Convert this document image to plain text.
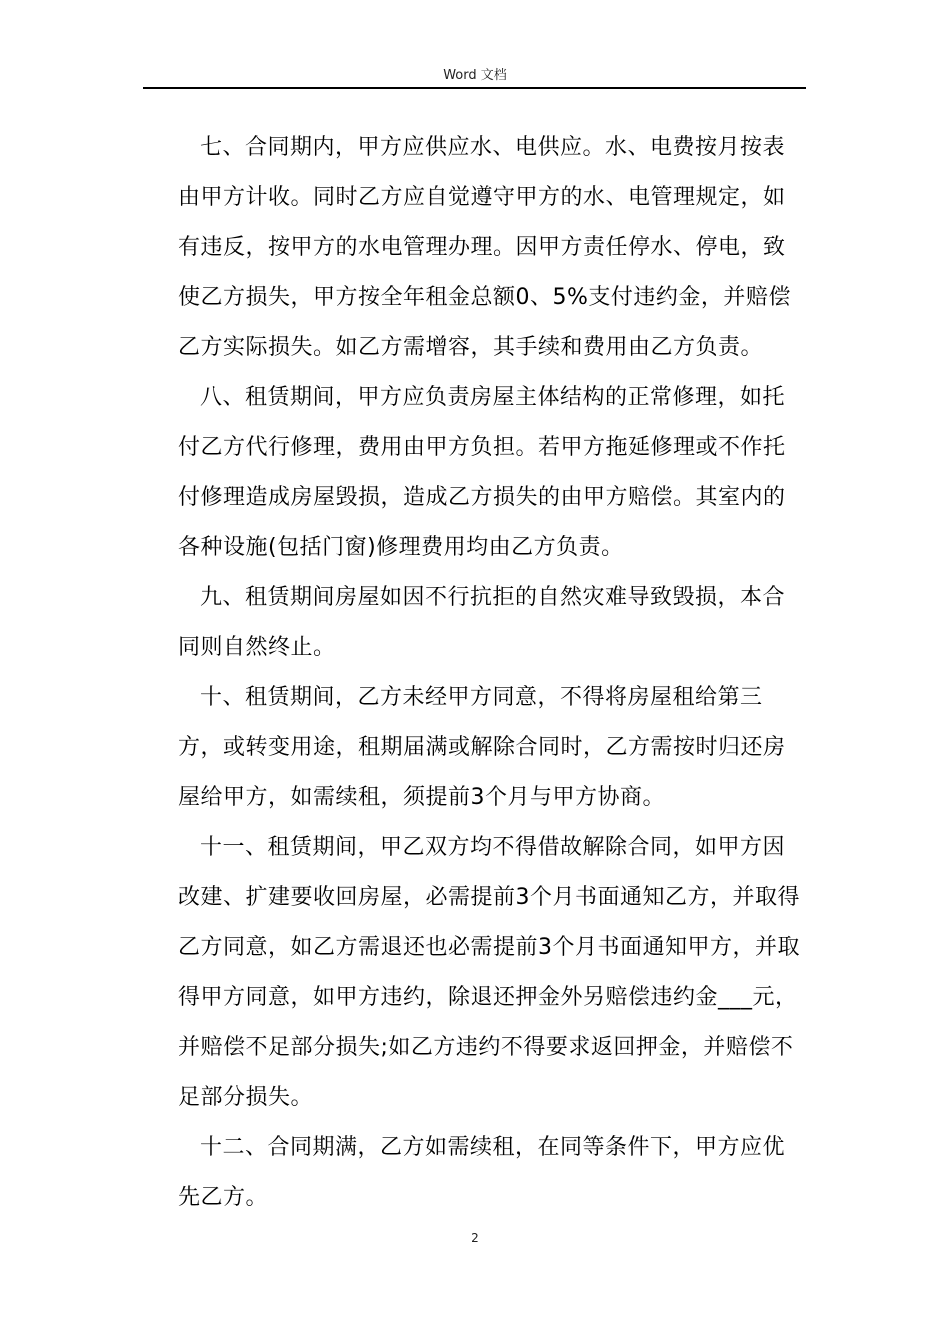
Word 文档

七、合同期内，甲方应供应水、电供应。水、电费按月按表由甲方计收。同时乙方应自觉遵守甲方的水、电管理规定，如有违反，按甲方的水电管理办理。因甲方责任停水、停电，致使乙方损失，甲方按全年租金总额0、5%支付违约金，并赔偿乙方实际损失。如乙方需增容，其手续和费用由乙方负责。

八、租赁期间，甲方应负责房屋主体结构的正常修理，如托付乙方代行修理，费用由甲方负担。若甲方拖延修理或不作托付修理造成房屋毁损，造成乙方损失的由甲方赔偿。其室内的各种设施(包括门窗)修理费用均由乙方负责。

九、租赁期间房屋如因不行抗拒的自然灾难导致毁损，本合同则自然终止。

十、租赁期间，乙方未经甲方同意，不得将房屋租给第三方，或转变用途，租期届满或解除合同时，乙方需按时归还房屋给甲方，如需续租，须提前3个月与甲方协商。

十一、租赁期间，甲乙双方均不得借故解除合同，如甲方因改建、扩建要收回房屋，必需提前3个月书面通知乙方，并取得乙方同意，如乙方需退还也必需提前3个月书面通知甲方，并取得甲方同意，如甲方违约，除退还押金外另赔偿违约金___元，并赔偿不足部分损失;如乙方违约不得要求返回押金，并赔偿不足部分损失。

十二、合同期满，乙方如需续租，在同等条件下，甲方应优先乙方。

2
